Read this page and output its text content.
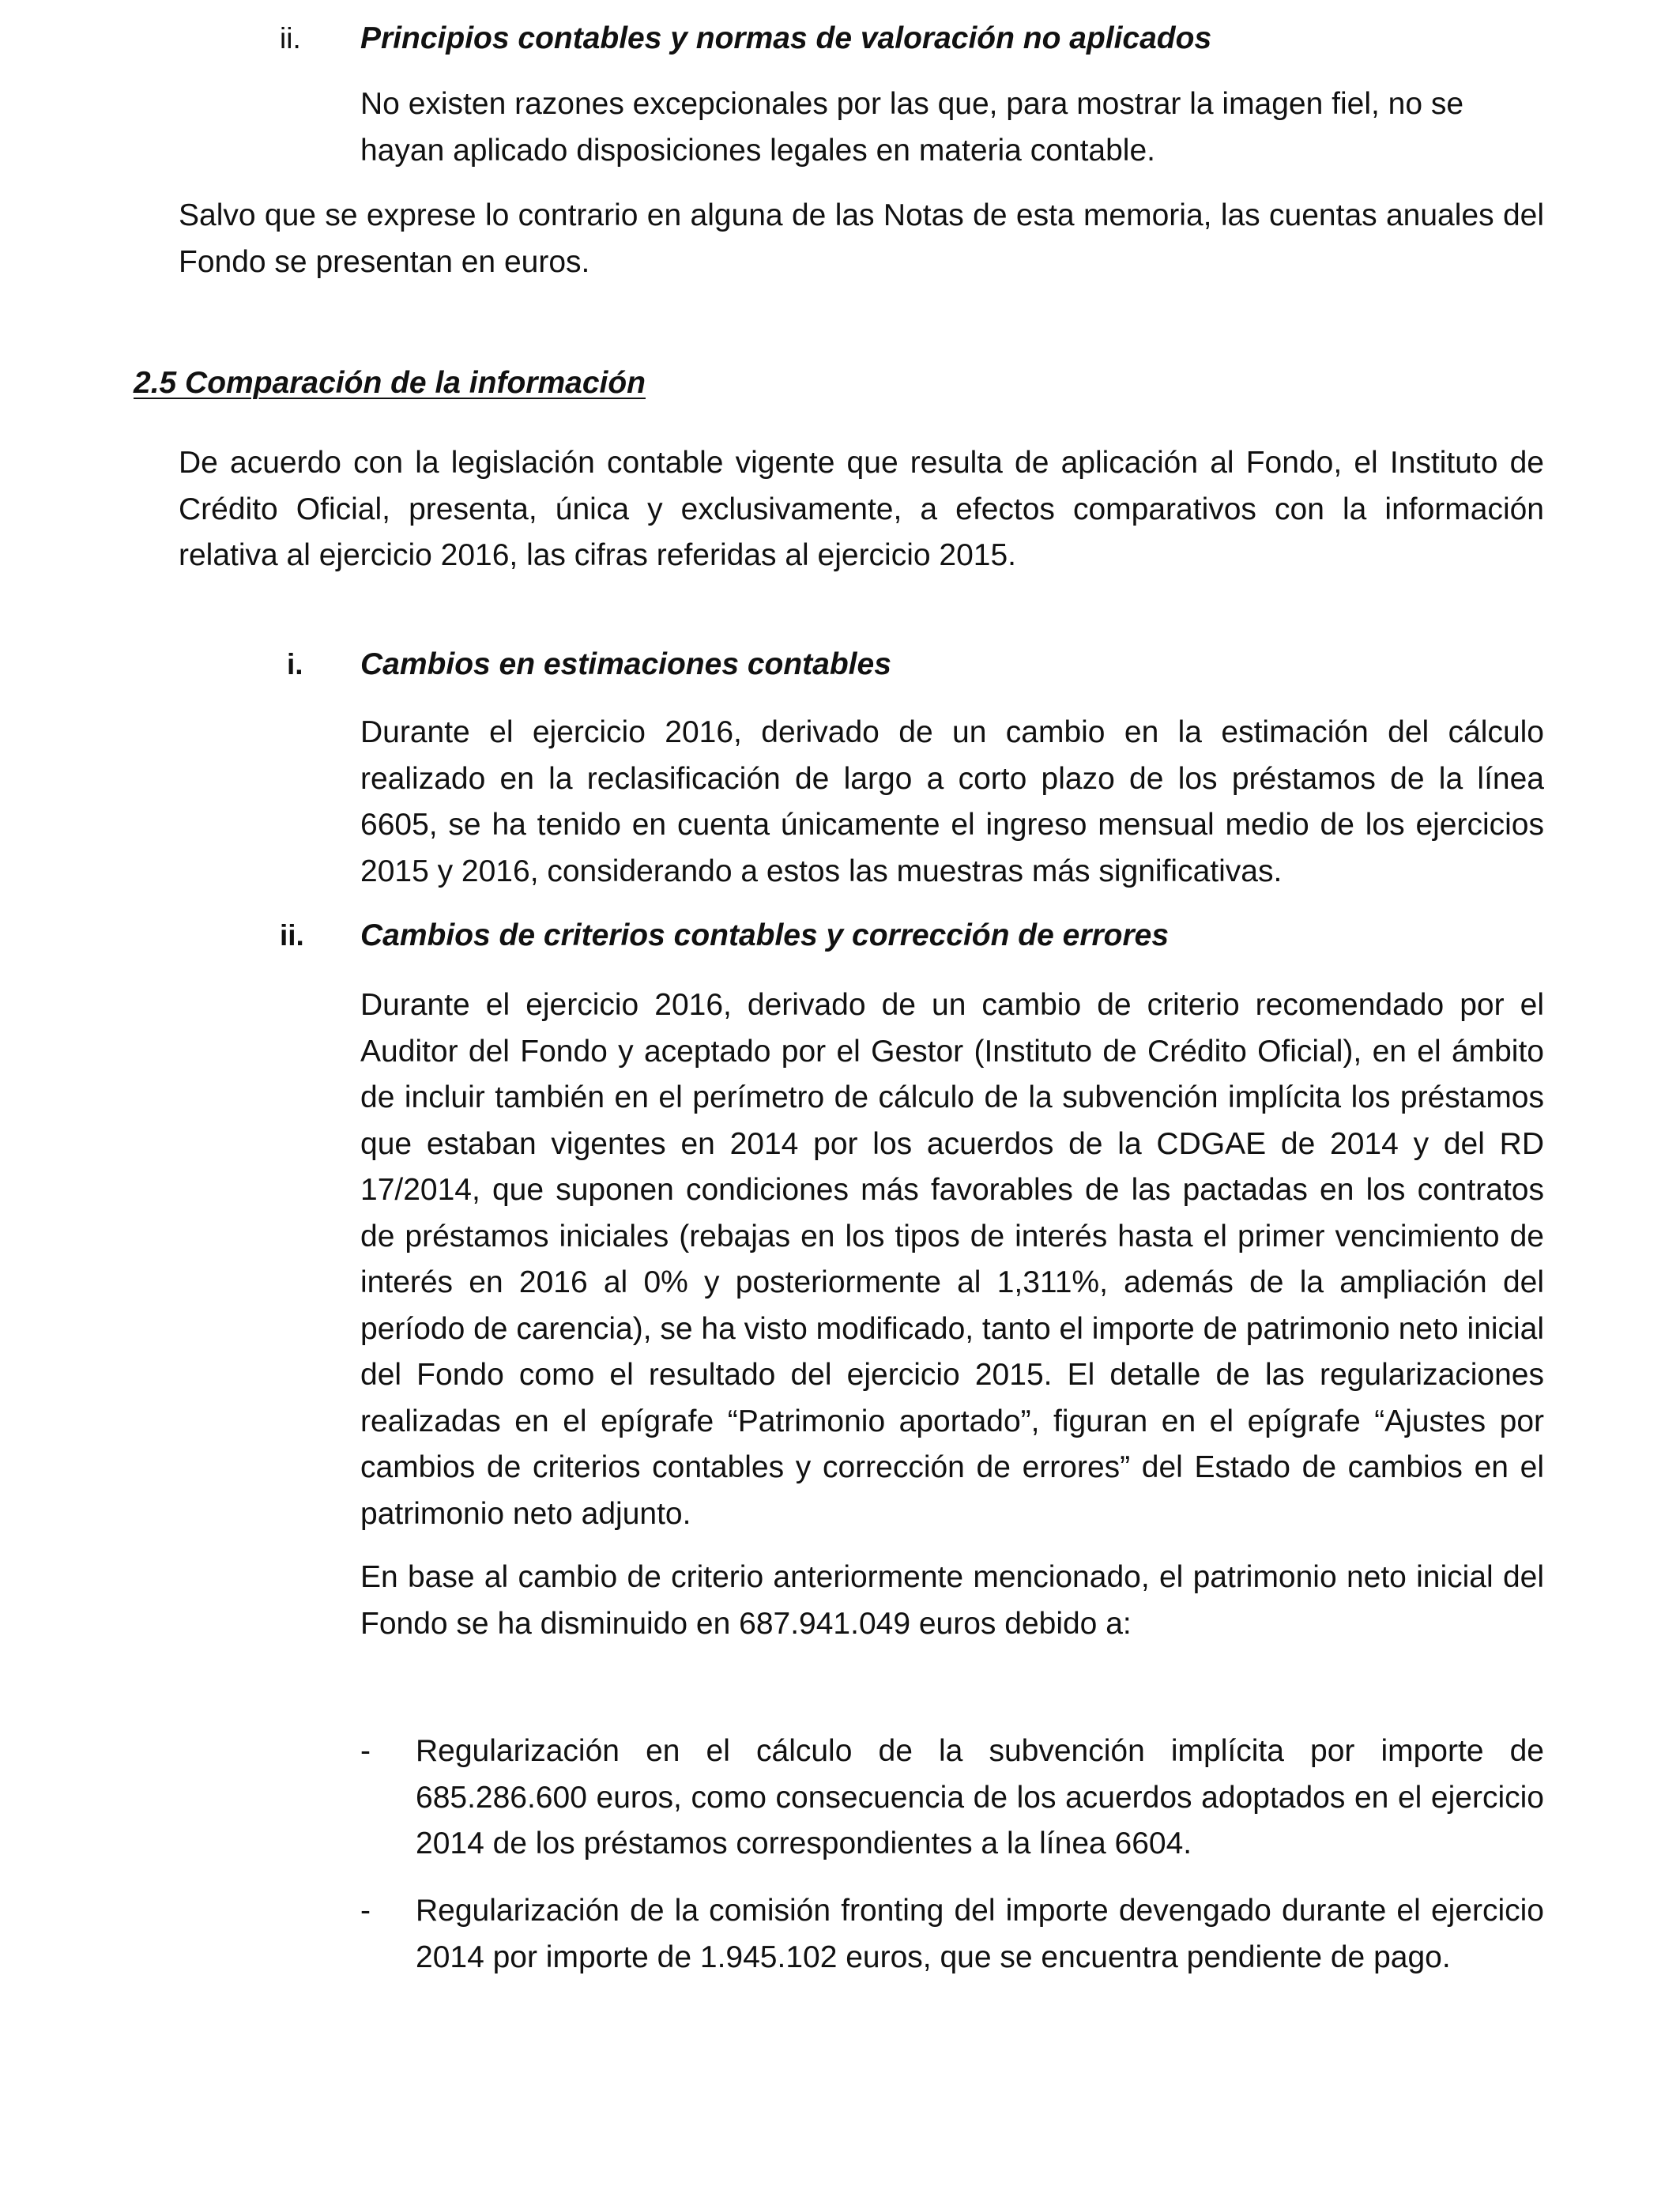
ii. Principios contables y normas de valoración no aplicados

No existen razones excepcionales por las que, para mostrar la imagen fiel, no se hayan aplicado disposiciones legales en materia contable.

Salvo que se exprese lo contrario en alguna de las Notas de esta memoria, las cuentas anuales del Fondo se presentan en euros.

2.5 Comparación de la información

De acuerdo con la legislación contable vigente que resulta de aplicación al Fondo, el Instituto de Crédito Oficial, presenta, única y exclusivamente, a efectos comparativos con la información relativa al ejercicio 2016, las cifras referidas al ejercicio 2015.

i. Cambios en estimaciones contables

Durante el ejercicio 2016, derivado de un cambio en la estimación del cálculo realizado en la reclasificación de largo a corto plazo de los préstamos de la línea 6605, se ha tenido en cuenta únicamente el ingreso mensual medio de los ejercicios 2015 y 2016, considerando a estos las muestras más significativas.

ii. Cambios de criterios contables y corrección de errores

Durante el ejercicio 2016, derivado de un cambio de criterio recomendado por el Auditor del Fondo y aceptado por el Gestor (Instituto de Crédito Oficial), en el ámbito de incluir también en el perímetro de cálculo de la subvención implícita los préstamos que estaban vigentes en 2014 por los acuerdos de la CDGAE de 2014 y del RD 17/2014, que suponen condiciones más favorables de las pactadas en los contratos de préstamos iniciales (rebajas en los tipos de interés hasta el primer vencimiento de interés en 2016 al 0% y posteriormente al 1,311%, además de la ampliación del período de carencia), se ha visto modificado, tanto el importe de patrimonio neto inicial del Fondo como el resultado del ejercicio 2015. El detalle de las regularizaciones realizadas en el epígrafe “Patrimonio aportado”, figuran en el epígrafe “Ajustes por cambios de criterios contables y corrección de errores” del Estado de cambios en el patrimonio neto adjunto.

En base al cambio de criterio anteriormente mencionado, el patrimonio neto inicial del Fondo se ha disminuido en 687.941.049 euros debido a:

- Regularización en el cálculo de la subvención implícita por importe de 685.286.600 euros, como consecuencia de los acuerdos adoptados en el ejercicio 2014 de los préstamos correspondientes a la línea 6604.

- Regularización de la comisión fronting del importe devengado durante el ejercicio 2014 por importe de 1.945.102 euros, que se encuentra pendiente de pago.
